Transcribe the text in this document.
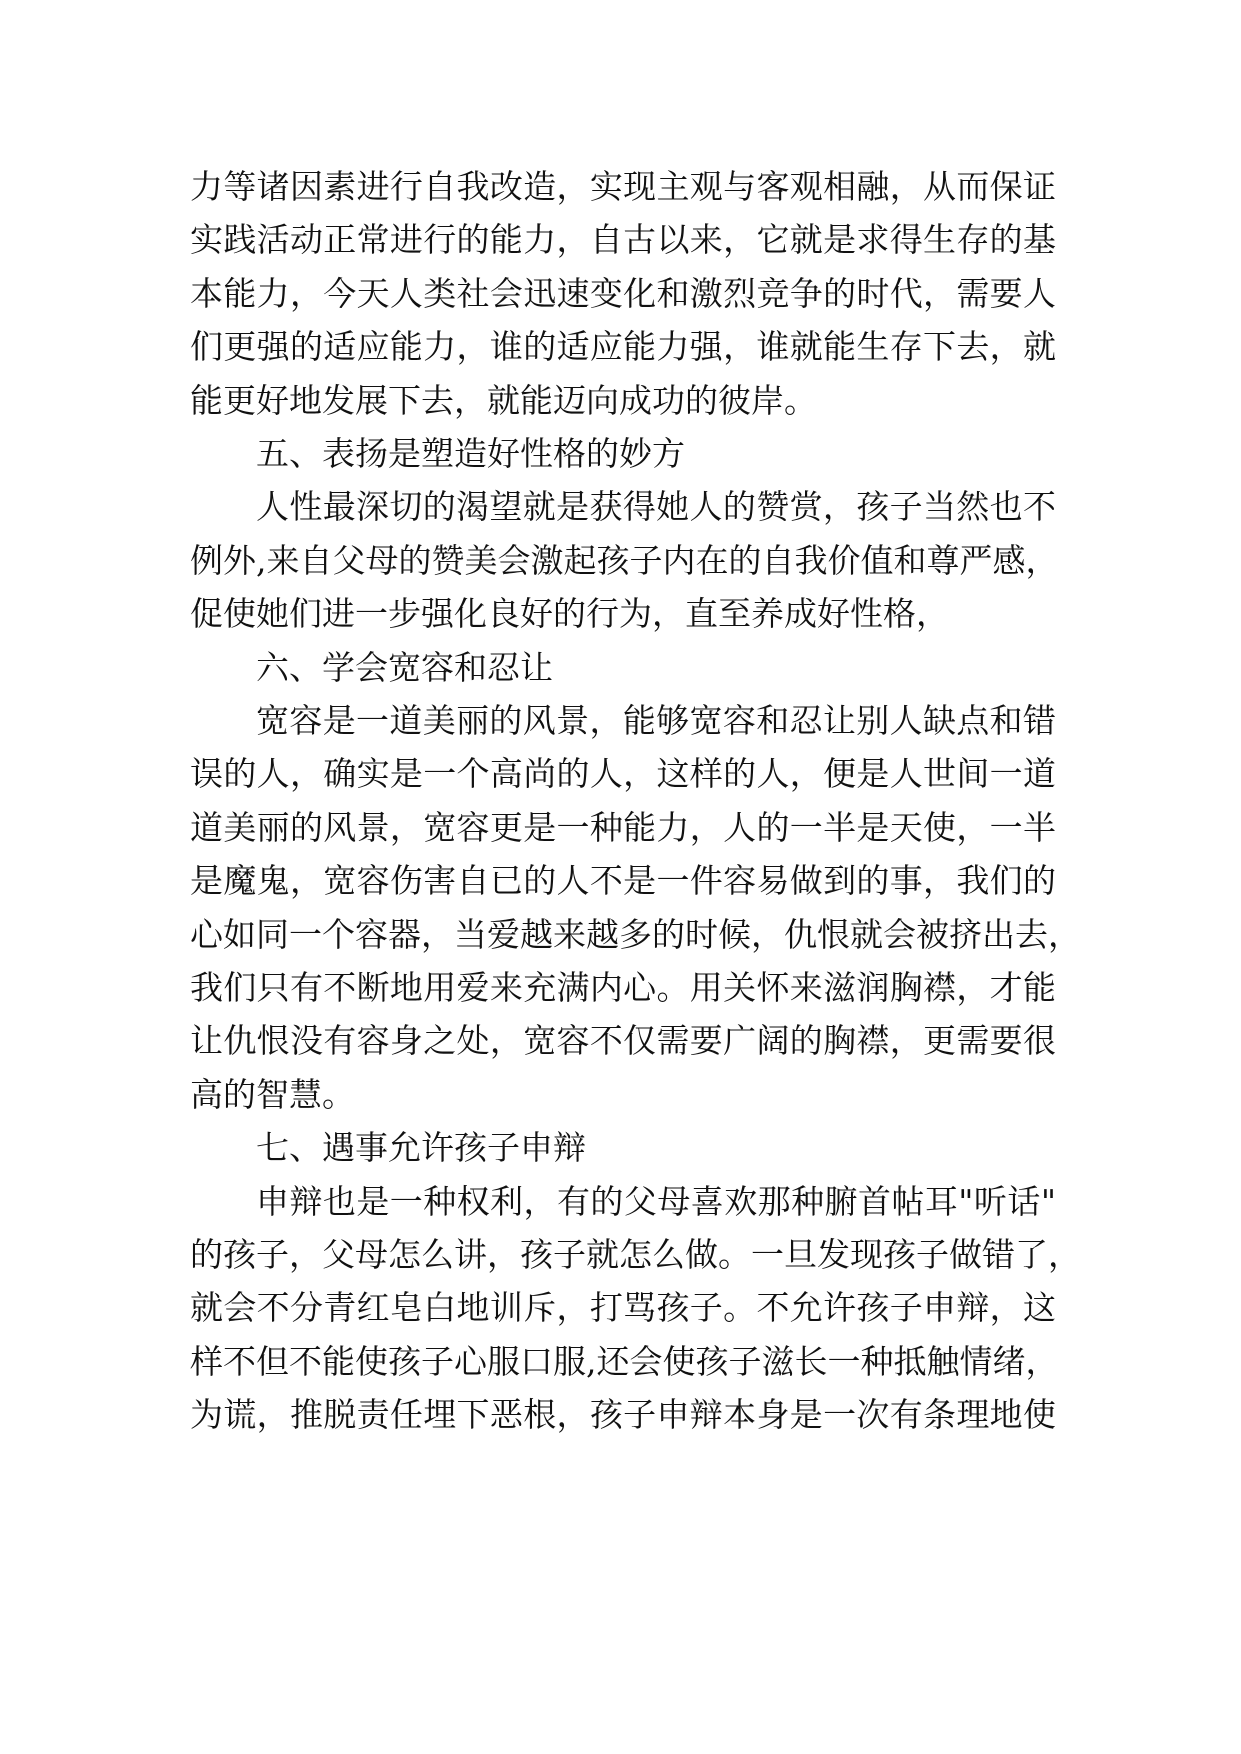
力等诸因素进行自我改造，实现主观与客观相融，从而保证
实践活动正常进行的能力，自古以来，它就是求得生存的基
本能力，今天人类社会迅速变化和激烈竞争的时代，需要人
们更强的适应能力，谁的适应能力强，谁就能生存下去，就
能更好地发展下去，就能迈向成功的彼岸。
五、表扬是塑造好性格的妙方
人性最深切的渴望就是获得她人的赞赏，孩子当然也不
例外,来自父母的赞美会激起孩子内在的自我价值和尊严感，
促使她们进一步强化良好的行为，直至养成好性格，
六、学会宽容和忍让
宽容是一道美丽的风景，能够宽容和忍让别人缺点和错
误的人，确实是一个高尚的人，这样的人，便是人世间一道
道美丽的风景，宽容更是一种能力，人的一半是天使，一半
是魔鬼，宽容伤害自已的人不是一件容易做到的事，我们的
心如同一个容器，当爱越来越多的时候，仇恨就会被挤出去，
我们只有不断地用爱来充满内心。用关怀来滋润胸襟，才能
让仇恨没有容身之处，宽容不仅需要广阔的胸襟，更需要很
高的智慧。
七、遇事允许孩子申辩
申辩也是一种权利，有的父母喜欢那种腑首帖耳"听话"
的孩子，父母怎么讲，孩子就怎么做。一旦发现孩子做错了，
就会不分青红皂白地训斥，打骂孩子。不允许孩子申辩，这
样不但不能使孩子心服口服,还会使孩子滋长一种抵触情绪，
为谎，推脱责任埋下恶根，孩子申辩本身是一次有条理地使
